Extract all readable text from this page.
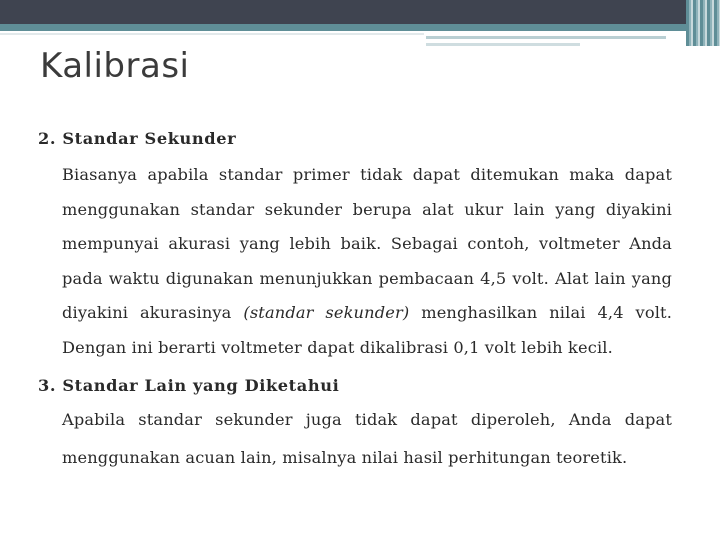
Kalibrasi

2. Standar Sekunder

Biasanya apabila standar primer tidak dapat ditemukan maka dapat menggunakan standar sekunder berupa alat ukur lain yang diyakini mempunyai akurasi yang lebih baik. Sebagai contoh, voltmeter Anda pada waktu digunakan menunjukkan pembacaan 4,5 volt. Alat lain yang diyakini akurasinya (standar sekunder) menghasilkan nilai 4,4 volt. Dengan ini berarti voltmeter dapat dikalibrasi 0,1 volt lebih kecil.

3. Standar Lain yang Diketahui

Apabila standar sekunder juga tidak dapat diperoleh, Anda dapat menggunakan acuan lain, misalnya nilai hasil perhitungan teoretik.
